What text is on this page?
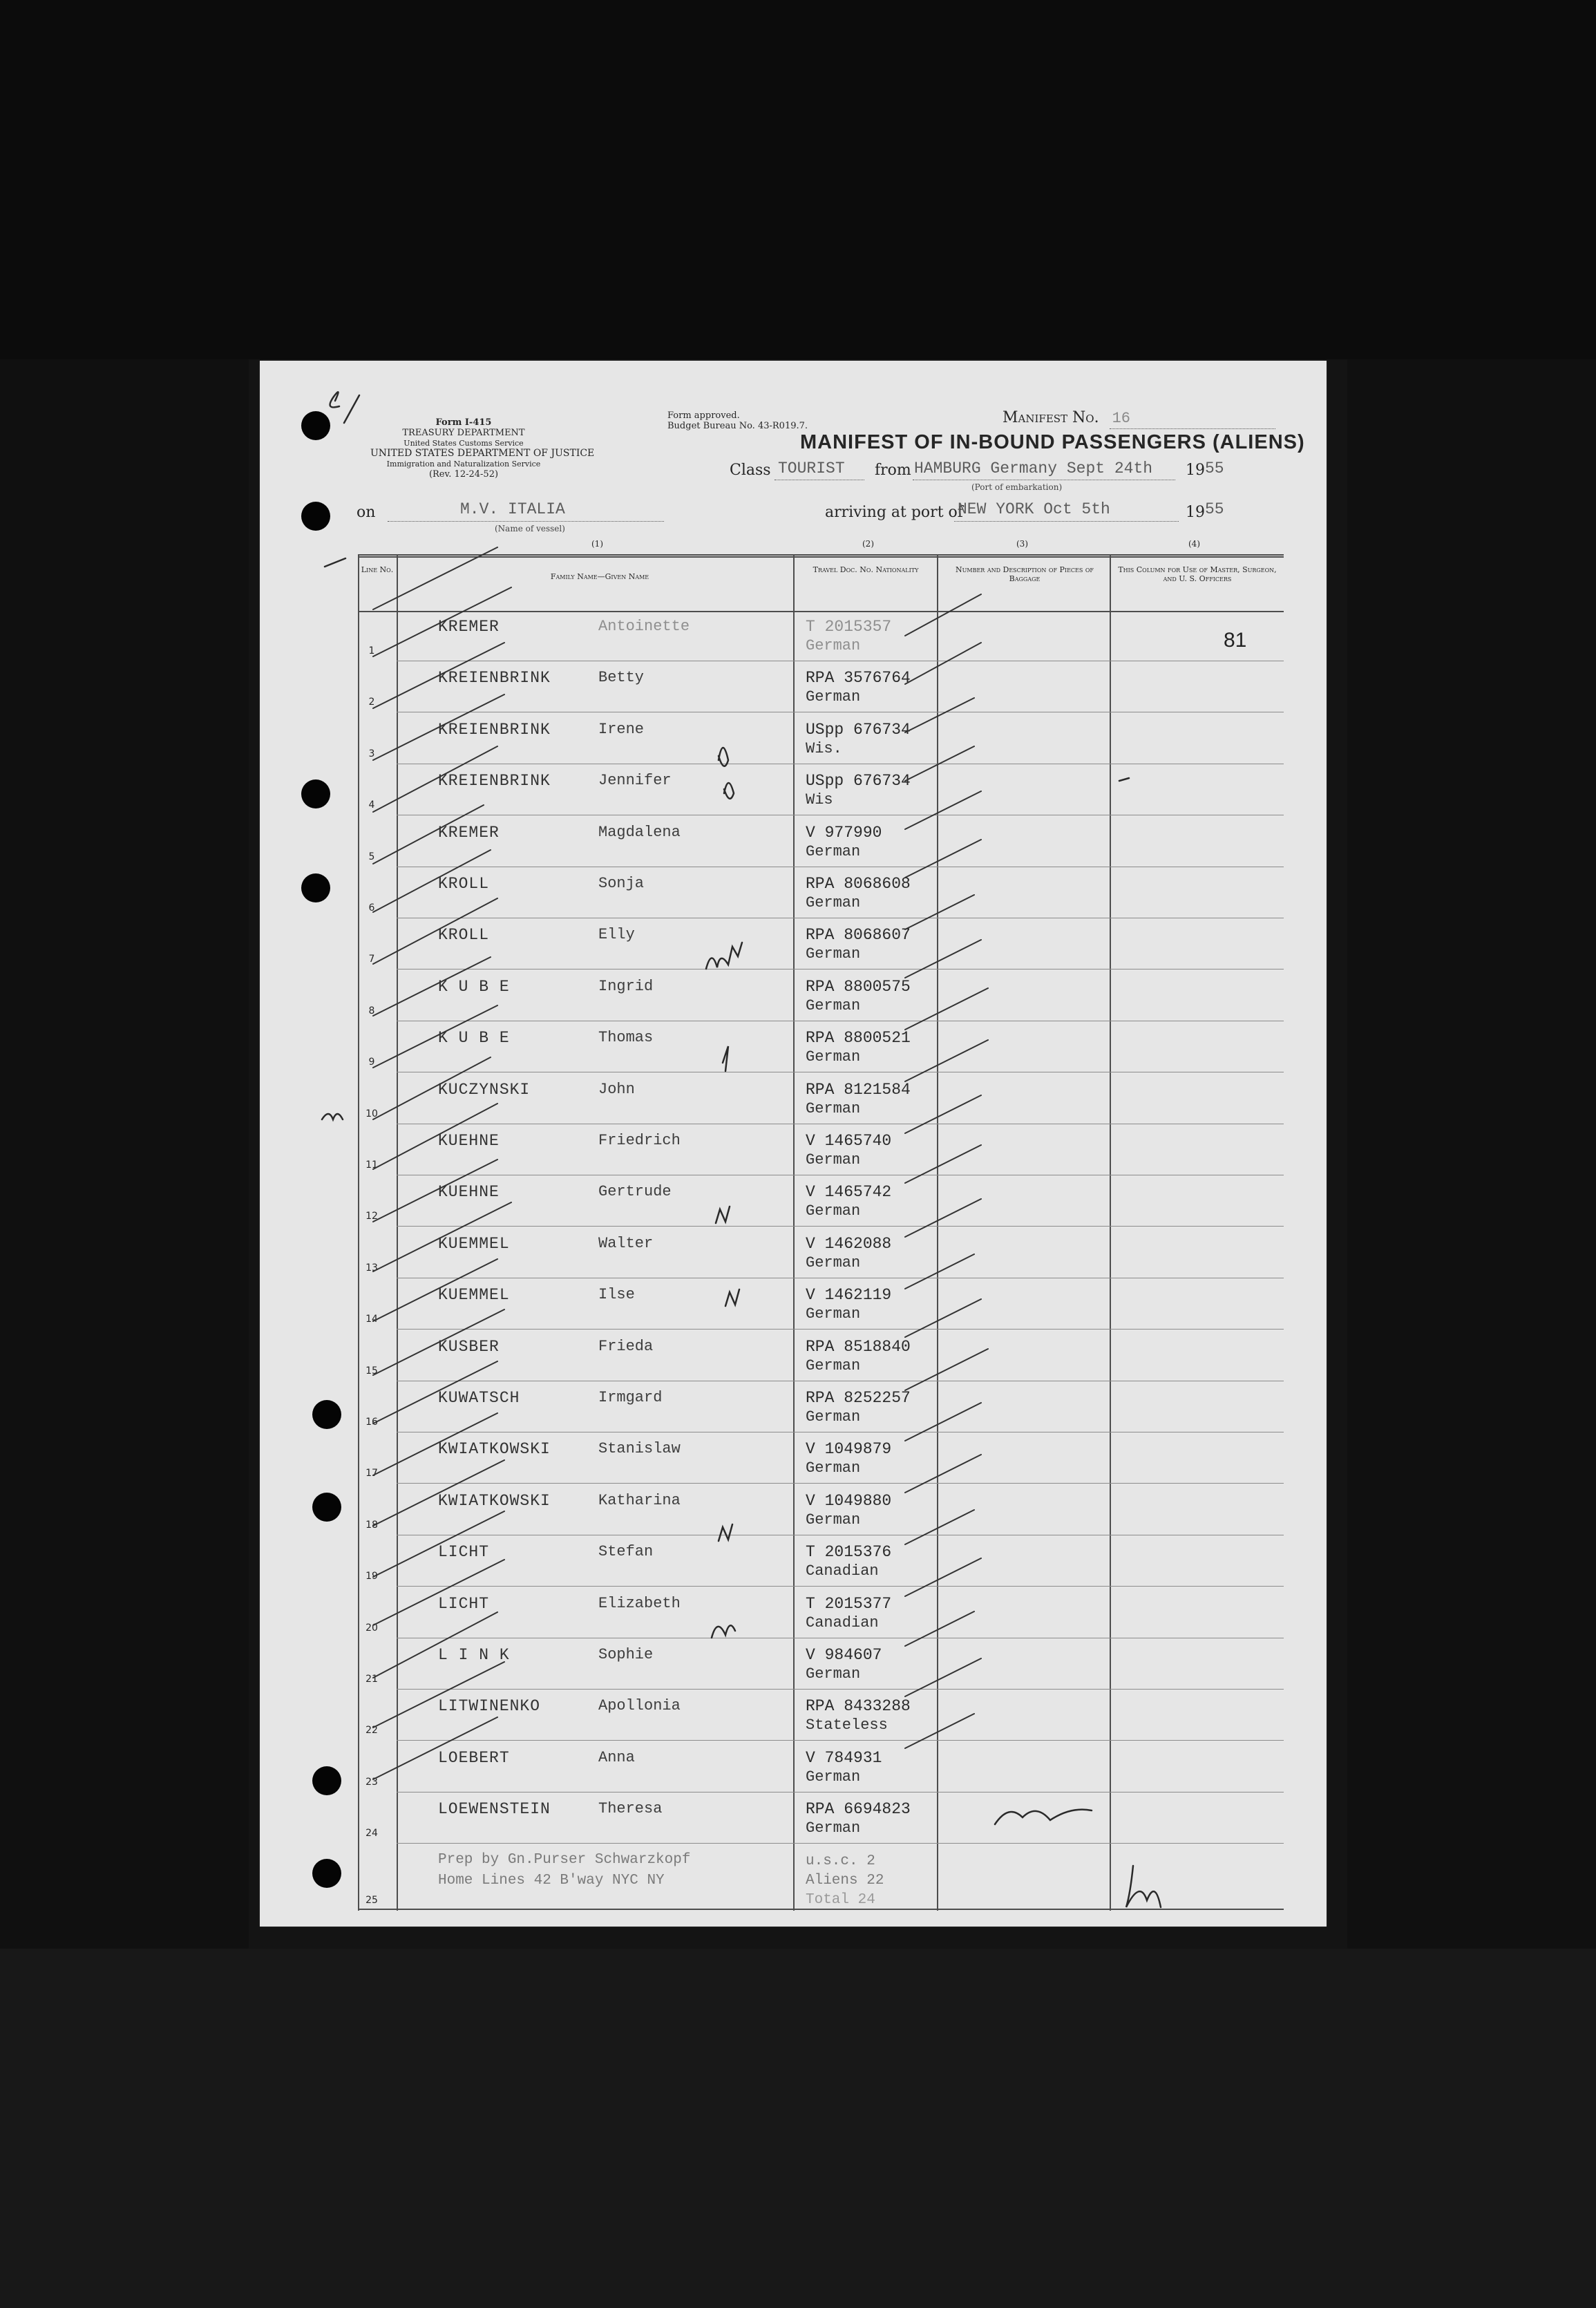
Form I-415
TREASURY DEPARTMENT
United States Customs Service
UNITED STATES DEPARTMENT OF JUSTICE
Immigration and Naturalization Service
(Rev. 12-24-52)
Form approved.
Budget Bureau No. 43-R019.7.	Manifest No. 16
MANIFEST OF IN-BOUND PASSENGERS (ALIENS)
Class TOURIST from HAMBURG Germany Sept 24th 19 55
(Port of embarkation)
on	M.V. ITALIA
(Name of vessel)
arriving at port of
NEW YORK Oct 5th	19 55
(1)	(2)	(3)	(4)
Line No.
Family Name—Given Name
Travel Doc. No. Nationality	Number and Description of Pieces of Baggage
This Column for Use of Master, Surgeon, and U. S. Officers
81
1
KREMER	Antoinette	T 2015357
German
2
KREIENBRINK	Betty	RPA 3576764
German
3
KREIENBRINK	Irene	USpp 676734
Wis.
4
KREIENBRINK	Jennifer	USpp 676734
Wis
5
KREMER	Magdalena	V 977990
German
6
KROLL	Sonja	RPA 8068608
German
7
KROLL	Elly	RPA 8068607
German
8
K U B E	Ingrid	RPA 8800575
German
9
K U B E	Thomas	RPA 8800521
German
10
KUCZYNSKI	John	RPA 8121584
German
11
KUEHNE	Friedrich	V 1465740
German
12
KUEHNE	Gertrude	V 1465742
German
13
KUEMMEL	Walter	V 1462088
German
14
KUEMMEL	Ilse	V 1462119
German
15
KUSBER	Frieda	RPA 8518840
German
16
KUWATSCH	Irmgard	RPA 8252257
German
17
KWIATKOWSKI	Stanislaw	V 1049879
German
18
KWIATKOWSKI	Katharina	V 1049880
German
19
LICHT	Stefan	T 2015376
Canadian
20
LICHT	Elizabeth	T 2015377
Canadian
21
L I N K	Sophie	V 984607
German
22
LITWINENKO	Apollonia	RPA 8433288
Stateless
23
LOEBERT	Anna	V 784931
German
24
LOEWENSTEIN	Theresa	RPA 6694823
German
25
Prep by Gn.Purser Schwarzkopf
Home Lines 42 B'way NYC NY
u.s.c. 2
Aliens 22
Total 24
